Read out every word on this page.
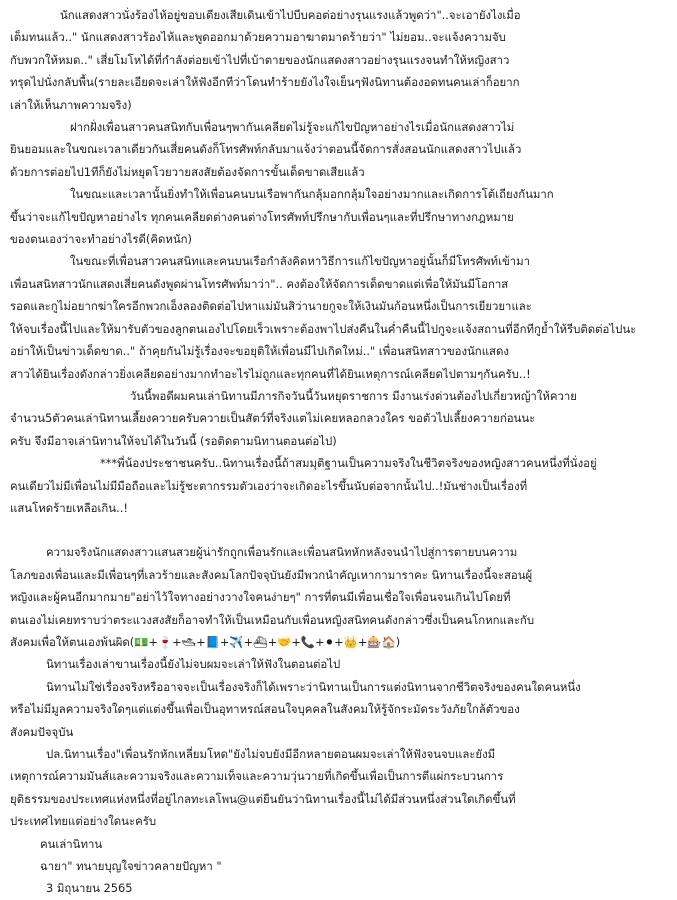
นักแสดงสาวนั่งร้องไห้อยู่ขอบเตียงเสียเดินเข้าไปบีบคอต่อย่างรุนแรงแล้วพูดว่า"..จะเอายังไงเมื่อ
เต็มทนแล้ว.." นักแสดงสาวร้องไห้และพูดออกมาด้วยความอาฆาตมาดร้ายว่า" ไม่ยอม..จะแจ้งความจับ
กับพวกให้หมด.." เสี่ยโมโหได้ที่กำลังต่อยเข้าไปที่เบ้าตายของนักแสดงสาวอย่างรุนแรงจนทำให้หญิงสาว
ทรุดไปนั่งกลับพื้น(รายละเอียดจะเล่าให้ฟังอีกทีว่าโดนทำร้ายยังไงใจเย็นๆฟังนิทานต้องอดทนคนเล่าก็อยาก
เล่าให้เห็นภาพความจริง)
ฝากฝั่งเพื่อนสาวคนสนิทกับเพื่อนๆพากันเคลียดไม่รู้จะแก้ไขปัญหาอย่างไรเมื่อนักแสดงสาวไม่
ยินยอมและในขณะเวลาเดียวกันเสี่ยคนดังก็โทรศัพท์กลับมาแจ้งว่าตอนนี้จัดการสั่งสอนนักแสดงสาวไปแล้ว
ด้วยการต่อยไป1ทีก็ยังไม่หยุดโวยวายสงสัยต้องจัดการขั้นเด็ดขาดเสียแล้ว
ในขณะและเวลานั้นยิ่งทำให้เพื่อนคนบนเรือพากันกลุ้มอกกลุ้มใจอย่างมากและเกิดการโต้เถียงกันมาก
ขึ้นว่าจะแก้ไขปัญหาอย่างไร ทุกคนเคลียดต่างคนต่างโทรศัพท์ปรึกษากับเพื่อนๆและที่ปรึกษาทางกฎหมาย
ของตนเองว่าจะทำอย่างไรดี(คิดหนัก)
ในขณะที่เพื่อนสาวคนสนิทและคนบนเรือกำลังคิดหาวิธีการแก้ไขปัญหาอยู่นั้นก็มีโทรศัพท์เข้ามา
เพื่อนสนิทสาวนักแสดงเสี่ยคนดังพูดผ่านโทรศัพท์มาว่า".. คงต้องให้จัดการเด็ดขาดแต่เพื่อให้มันมีโอกาส
รอดและกูไม่อยากฆ่าใครอีกพวกเอ็งลองติดต่อไปหาแม่มันสิว่านายกูจะให้เงินมันก้อนหนึ่งเป็นการเยียวยาและ
ให้จบเรื่องนี้ไปและให้มารับตัวของลูกตนเองไปโดยเร็วเพราะต้องพาไปส่งคืนในค่ำคืนนี้ไปกูจะแจ้งสถานที่อีกทีกูย้ำให้รีบติดต่อไปนะ
อย่าให้เป็นข่าวเด็ดขาด.." ถ้าคุยกันไม่รู้เรื่องจะขอยุติให้เพื่อนมีไปเกิดใหม่.." เพื่อนสนิทสาวของนักแสดง
สาวได้ยินเรื่องดังกล่าวยิ่งเคลียดอย่างมากทำอะไรไม่ถูกและทุกคนที่ได้ยินเหตุการณ์เคลียดไปตามๆกันครับ..!
วันนี้พอดีผมคนเล่านิทานมีภารกิจวันนี้วันหยุดราชการ มีงานเร่งด่วนต้องไปเกี่ยวหญ้าให้ควาย
จำนวน5ตัวคนเล่านิทานเลี้ยงควายครับควายเป็นสัตว์ที่จริงแตไม่เคยหลอกลวงใคร ขอตัวไปเลี้ยงควายก่อนนะ
ครับ จึงมีอาจเล่านิทานให้จบได้ในวันนี้ (รอติดตามนิทานตอนต่อไป)
***พี่น้องประชาชนครับ..นิทานเรื่องนี้ถ้าสมมุติฐานเป็นความจริงในชีวิตจริงของหญิงสาวคนหนึ่งที่นั่งอยู่
คนเดียวไม่มีเพื่อนไม่มีมือถือและไม่รู้ชะตากรรมตัวเองว่าจะเกิดอะไรขึ้นนับต่อจากนั้นไป..!มันช่างเป็นเรื่องที่
แสนโหดร้ายเหลือเกิน..!
ความจริงนักแสดงสาวแสนสวยผู้น่ารักถูกเพื่อนรักและเพื่อนสนิทหักหลังจนนำไปสู่การตายบนความ
โลภของเพื่อนและมีเพื่อนๆที่เลวร้ายและสังคมโลกปัจจุบันยังมีพวกนำคัญเหากามาราคะ นิทานเรื่องนี้จะสอนผู้
หญิงและผู้คนอีกมากมาย"อย่าไว้ใจทางอย่างวางใจคนง่ายๆ" การที่ตนมีเพื่อนเชื่อใจเพื่อนจนเกินไปโดยที่
ตนเองไม่เคยทราบว่าตระแวงสงสัยก็อาจทำให้เป็นเหมือนกับเพื่อนหญิงสนิทคนดังกล่าวซึ่งเป็นคนโกหกและกับ
สังคมเพื่อให้ตนเองพ้นผิด(💵+🍷+🛥+📘+✈️+⛴+🤝+📞+⚫+👑+🎰🏠)
นิทานเรื่องเล่าขานเรื่องนี้ยังไม่จบผมจะเล่าให้ฟังในตอนต่อไป
นิทานไม่ใช่เรื่องจริงหรืออาจจะเป็นเรื่องจริงก็ได้เพราะว่านิทานเป็นการแต่งนิทานจากชีวิตจริงของคนใดคนหนึ่ง
หรือไม่มีมูลความจริงใดๆแต่แต่งขึ้นเพื่อเป็นอุทาหรณ์สอนใจบุคคลในสังคมให้รู้จักระมัดระวังภัยใกล้ตัวของ
สังคมปัจจุบัน
ปล.นิทานเรื่อง"เพื่อนรักหักเหลี่ยมโหด"ยังไม่จบยังมีอีกหลายตอนผมจะเล่าให้ฟังจนจบและยังมี
เหตุการณ์ความมันส์และความจริงและความเท็จและความวุ่นวายที่เกิดขึ้นเพื่อเป็นการตีแผ่กระบวนการ
ยุติธรรมของประเทศแห่งหนึ่งที่อยู่ไกลทะเลโพน@แต่ยืนยันว่านิทานเรื่องนี้ไม่ได้มีส่วนหนึ่งส่วนใดเกิดขึ้นที่
ประเทศไทยแต่อย่างใดนะครับ
คนเล่านิทาน
ฉายา" ทนายบุญใจข่าวคลายปัญหา "
3 มิถุนายน 2565
